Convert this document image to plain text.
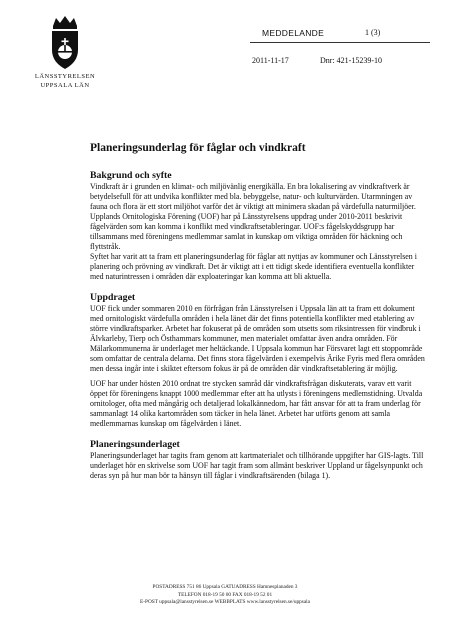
LÄNSSTYRELSEN
UPPSALA LÄN
MEDDELANDE	1 (3)
2011-11-17	Dnr: 421-15239-10
Planeringsunderlag för fåglar och vindkraft
Bakgrund och syfte

Vindkraft är i grunden en klimat- och miljövänlig energikälla. En bra lokalisering av vindkraftverk är betydelsefull för att undvika konflikter med bla. bebyggelse, natur- och kulturvärden. Utarmningen av fauna och flora är ett stort miljöhot varför det är viktigt att minimera skadan på värdefulla naturmiljöer.

Upplands Ornitologiska Förening (UOF) har på Länsstyrelsens uppdrag under 2010-2011 beskrivit fågelvärden som kan komma i konflikt med vindkraftsetableringar. UOF:s fågelskyddsgrupp har tillsammans med föreningens medlemmar samlat in kunskap om viktiga områden för häckning och flyttstråk.

Syftet har varit att ta fram ett planeringsunderlag för fåglar att nyttjas av kommuner och Länsstyrelsen i planering och prövning av vindkraft. Det är viktigt att i ett tidigt skede identifiera eventuella konflikter med naturintressen i områden där exploateringar kan komma att bli aktuella.

Uppdraget

UOF fick under sommaren 2010 en förfrågan från Länsstyrelsen i Uppsala län att ta fram ett dokument med ornitologiskt värdefulla områden i hela länet där det finns potentiella konflikter med etablering av större vindkraftsparker. Arbetet har fokuserat på de områden som utsetts som riksintressen för vindbruk i Älvkarleby, Tierp och Östhammars kommuner, men materialet omfattar även andra områden. För Mälarkommunerna är underlaget mer heltäckande. I Uppsala kommun har Försvaret lagt ett stoppområde som omfattar de centrala delarna. Det finns stora fågelvärden i exempelvis Ärike Fyris med flera områden men dessa ingår inte i skiktet eftersom fokus är på de områden där vindkraftsetablering är möjlig.

UOF har under hösten 2010 ordnat tre stycken samråd där vindkraftsfrågan diskuterats, varav ett varit öppet för föreningens knappt 1000 medlemmar efter att ha utlysts i föreningens medlemstidning. Utvalda ornitologer, ofta med mångårig och detaljerad lokalkännedom, har fått ansvar för att ta fram underlag för sammanlagt 14 olika kartområden som täcker in hela länet. Arbetet har utförts genom att samla medlemmarnas kunskap om fågelvärden i länet.

Planeringsunderlaget

Planeringsunderlaget har tagits fram genom att kartmaterialet och tillhörande uppgifter har GIS-lagts. Till underlaget hör en skrivelse som UOF har tagit fram som allmänt beskriver Uppland ur fågelsynpunkt och deras syn på hur man bör ta hänsyn till fåglar i vindkraftsärenden (bilaga 1).

POSTADRESS 751 86 Uppsala GATUADRESS Hamnesplanaden 3
TELEFON 018-19 50 00 FAX 018-19 52 01
E-POST uppsala@lansstyrelsen.se WEBBPLATS www.lansstyrelsen.se/uppsala
